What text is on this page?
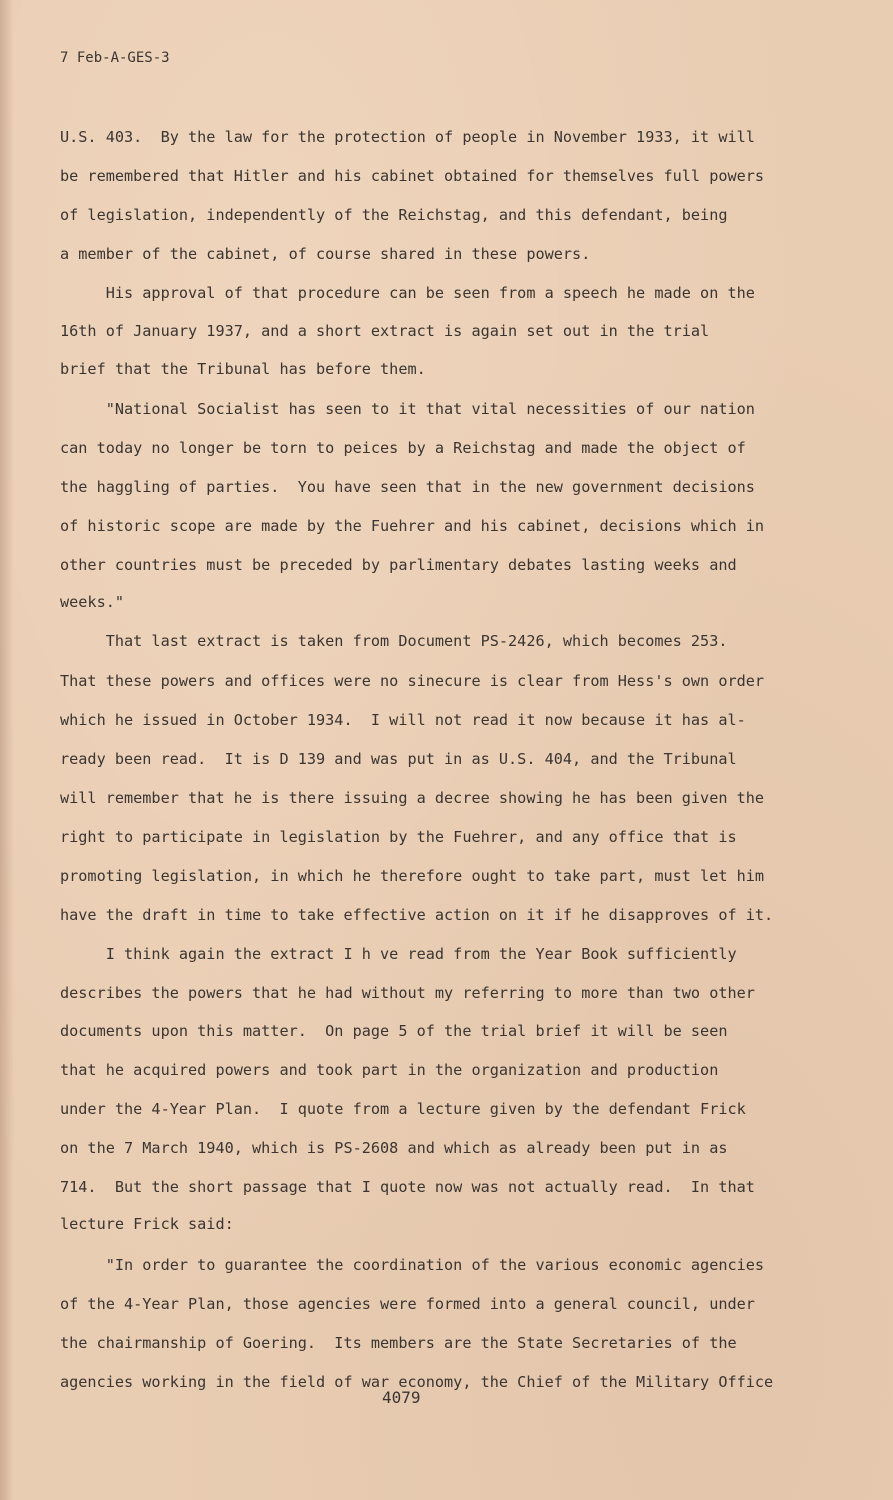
7 Feb-A-GES-3
U.S. 403.  By the law for the protection of people in November 1933, it will
be remembered that Hitler and his cabinet obtained for themselves full powers
of legislation, independently of the Reichstag, and this defendant, being
a member of the cabinet, of course shared in these powers.
His approval of that procedure can be seen from a speech he made on the
16th of January 1937, and a short extract is again set out in the trial
brief that the Tribunal has before them.
"National Socialist has seen to it that vital necessities of our nation
can today no longer be torn to peices by a Reichstag and made the object of
the haggling of parties.  You have seen that in the new government decisions
of historic scope are made by the Fuehrer and his cabinet, decisions which in
other countries must be preceded by parlimentary debates lasting weeks and
weeks."
That last extract is taken from Document PS-2426, which becomes 253.
That these powers and offices were no sinecure is clear from Hess's own order
which he issued in October 1934.  I will not read it now because it has al-
ready been read.  It is D 139 and was put in as U.S. 404, and the Tribunal
will remember that he is there issuing a decree showing he has been given the
right to participate in legislation by the Fuehrer, and any office that is
promoting legislation, in which he therefore ought to take part, must let him
have the draft in time to take effective action on it if he disapproves of it.
I think again the extract I h ve read from the Year Book sufficiently
describes the powers that he had without my referring to more than two other
documents upon this matter.  On page 5 of the trial brief it will be seen
that he acquired powers and took part in the organization and production
under the 4-Year Plan.  I quote from a lecture given by the defendant Frick
on the 7 March 1940, which is PS-2608 and which as already been put in as
714.  But the short passage that I quote now was not actually read.  In that
lecture Frick said:
"In order to guarantee the coordination of the various economic agencies
of the 4-Year Plan, those agencies were formed into a general council, under
the chairmanship of Goering.  Its members are the State Secretaries of the
agencies working in the field of war economy, the Chief of the Military Office
4079
